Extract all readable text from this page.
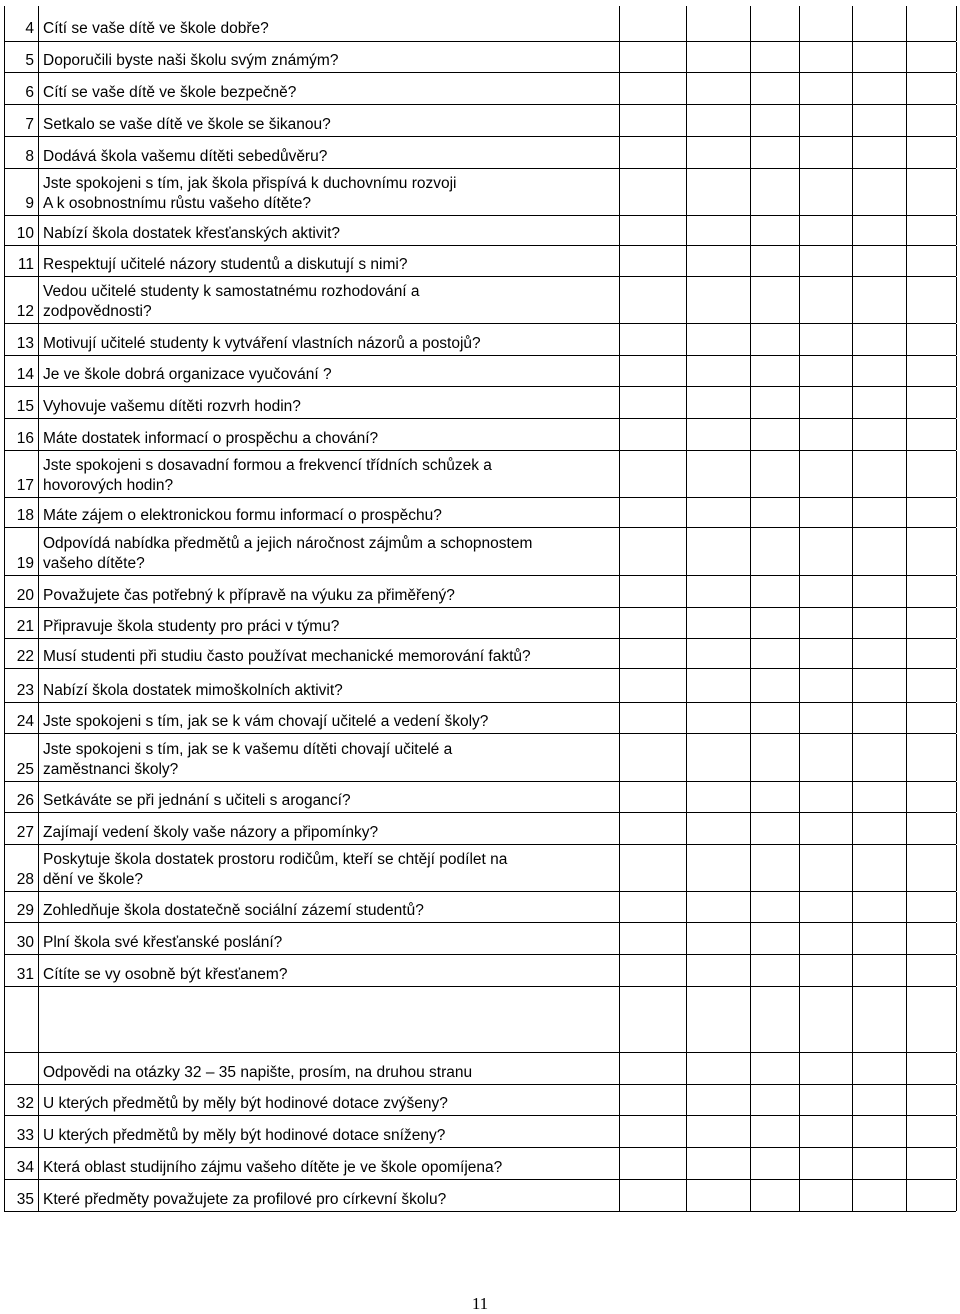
4 Cítí se vaše dítě ve škole dobře?
5 Doporučili byste naši školu svým známým?
6 Cítí se vaše dítě ve škole bezpečně?
7 Setkalo se vaše dítě ve škole se šikanou?
8 Dodává škola vašemu dítěti sebedůvěru?
9
Jste spokojeni s tím, jak škola přispívá k duchovnímu rozvoji
A k osobnostnímu růstu vašeho dítěte?
10 Nabízí škola dostatek křesťanských aktivit?
11 Respektují učitelé názory studentů a diskutují s nimi?
12
Vedou učitelé studenty k samostatnému rozhodování a
zodpovědnosti?
13 Motivují učitelé studenty k vytváření vlastních názorů a postojů?
14 Je ve škole dobrá organizace vyučování ?
15 Vyhovuje vašemu dítěti rozvrh hodin?
16 Máte dostatek informací o prospěchu a chování?
17
Jste spokojeni s dosavadní formou a frekvencí třídních schůzek a
hovorových hodin?
18 Máte zájem o elektronickou formu informací o prospěchu?
19
Odpovídá nabídka předmětů a jejich náročnost zájmům a schopnostem
vašeho dítěte?
20 Považujete čas potřebný k přípravě na výuku za přiměřený?
21 Připravuje škola studenty pro práci v týmu?
22 Musí studenti při studiu často používat mechanické memorování faktů?
23 Nabízí škola dostatek mimoškolních aktivit?
24 Jste spokojeni s tím, jak se k vám chovají učitelé a vedení školy?
25
Jste spokojeni s tím, jak se k vašemu dítěti chovají učitelé a
zaměstnanci školy?
26 Setkáváte se při jednání s učiteli s arogancí?
27 Zajímají vedení školy vaše názory a připomínky?
28
Poskytuje škola dostatek prostoru rodičům, kteří se chtějí podílet na
dění ve škole?
29 Zohledňuje škola dostatečně sociální zázemí studentů?
30 Plní škola své křesťanské poslání?
31 Cítíte se vy osobně být křesťanem?
Odpovědi na otázky 32 – 35 napište, prosím, na druhou stranu
32 U kterých předmětů by měly být hodinové dotace zvýšeny?
33 U kterých předmětů by měly být hodinové dotace sníženy?
34 Která oblast studijního zájmu vašeho dítěte je ve škole opomíjena?
35 Které předměty považujete za profilové pro církevní školu?
11
